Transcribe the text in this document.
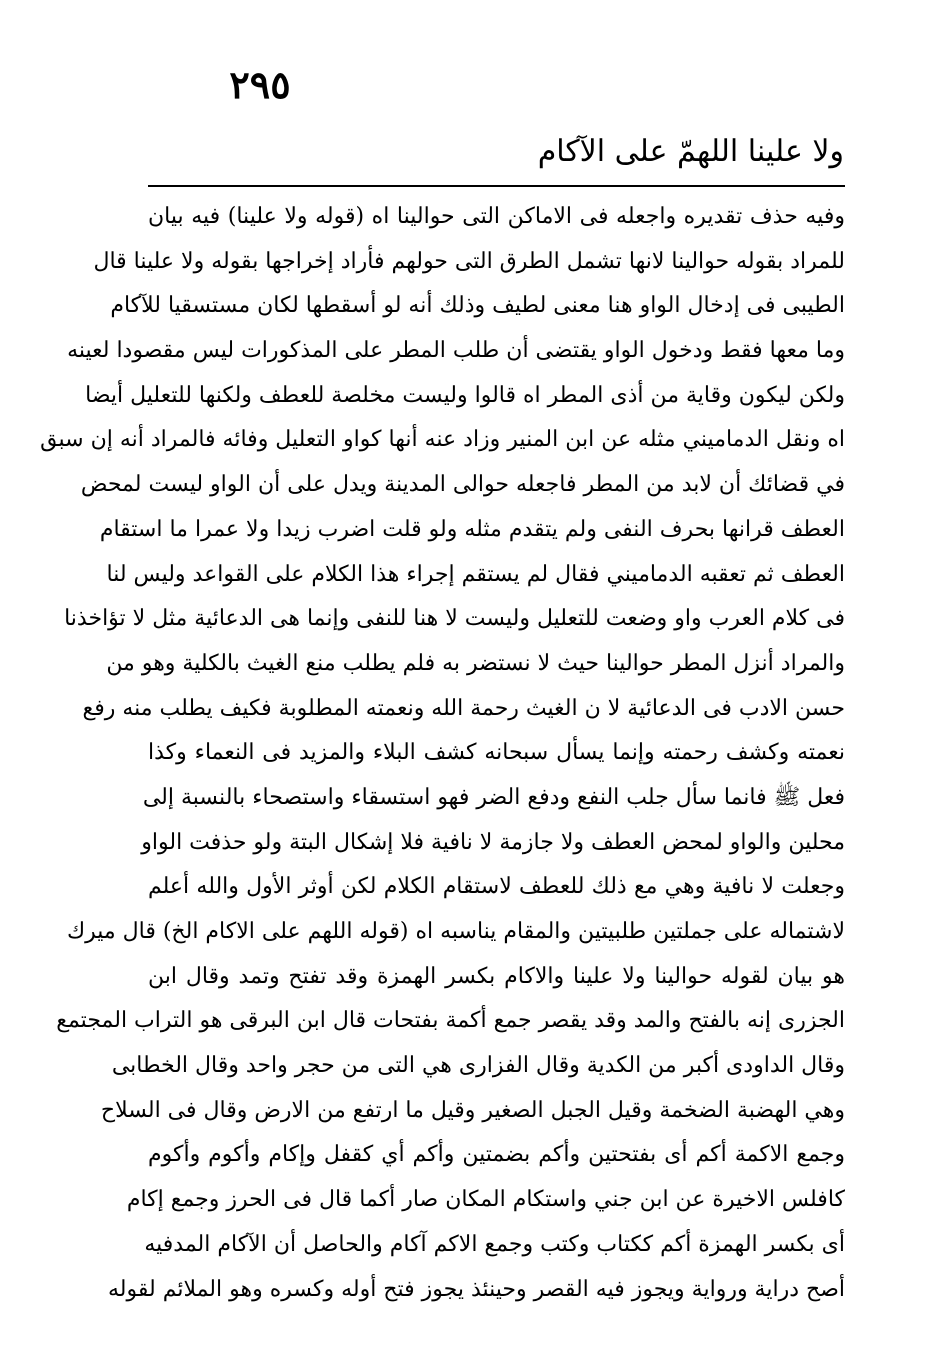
٢٩٥
ولا علينا اللهمّ على الآكام
وفيه حذف تقديره واجعله فى الاماكن التى حوالينا اه (قوله ولا علينا) فيه بيان
للمراد بقوله حوالينا لانها تشمل الطرق التى حولهم فأراد إخراجها بقوله ولا علينا قال
الطيبى فى إدخال الواو هنا معنى لطيف وذلك أنه لو أسقطها لكان مستسقيا للآكام
وما معها فقط ودخول الواو يقتضى أن طلب المطر على المذكورات ليس مقصودا لعينه
ولكن ليكون وقاية من أذى المطر اه قالوا وليست مخلصة للعطف ولكنها للتعليل أيضا
اه ونقل الدماميني مثله عن ابن المنير وزاد عنه أنها كواو التعليل وفائه فالمراد أنه إن سبق
في قضائك أن لابد من المطر فاجعله حوالى المدينة ويدل على أن الواو ليست لمحض
العطف قرانها بحرف النفى ولم يتقدم مثله ولو قلت اضرب زيدا ولا عمرا ما استقام
العطف ثم تعقبه الدماميني فقال لم يستقم إجراء هذا الكلام على القواعد وليس لنا
فى كلام العرب واو وضعت للتعليل وليست لا هنا للنفى وإنما هى الدعائية مثل لا تؤاخذنا
والمراد أنزل المطر حوالينا حيث لا نستضر به فلم يطلب منع الغيث بالكلية وهو من
حسن الادب فى الدعائية لا ن الغيث رحمة الله ونعمته المطلوبة فكيف يطلب منه رفع
نعمته وكشف رحمته وإنما يسأل سبحانه كشف البلاء والمزيد فى النعماء وكذا
فعل ﷺ فانما سأل جلب النفع ودفع الضر فهو استسقاء واستصحاء بالنسبة إلى
محلين والواو لمحض العطف ولا جازمة لا نافية فلا إشكال البتة ولو حذفت الواو
وجعلت لا نافية وهي مع ذلك للعطف لاستقام الكلام لكن أوثر الأول والله أعلم
لاشتماله على جملتين طلبيتين والمقام يناسبه اه (قوله اللهم على الاكام الخ) قال ميرك
هو بيان لقوله حوالينا ولا علينا والاكام بكسر الهمزة وقد تفتح وتمد وقال ابن
الجزرى إنه بالفتح والمد وقد يقصر جمع أكمة بفتحات قال ابن البرقى هو التراب المجتمع
وقال الداودى أكبر من الكدية وقال الفزارى هي التى من حجر واحد وقال الخطابى
وهي الهضبة الضخمة وقيل الجبل الصغير وقيل ما ارتفع من الارض وقال فى السلاح
وجمع الاكمة أكم أى بفتحتين وأكم بضمتين وأكم أي كقفل وإكام وأكوم وأكوم
كافلس الاخيرة عن ابن جني واستكام المكان صار أكما قال فى الحرز وجمع إكام
أى بكسر الهمزة أكم ككتاب وكتب وجمع الاكم آكام والحاصل أن الآكام المدفيه
أصح دراية ورواية ويجوز فيه القصر وحينئذ يجوز فتح أوله وكسره وهو الملائم لقوله
